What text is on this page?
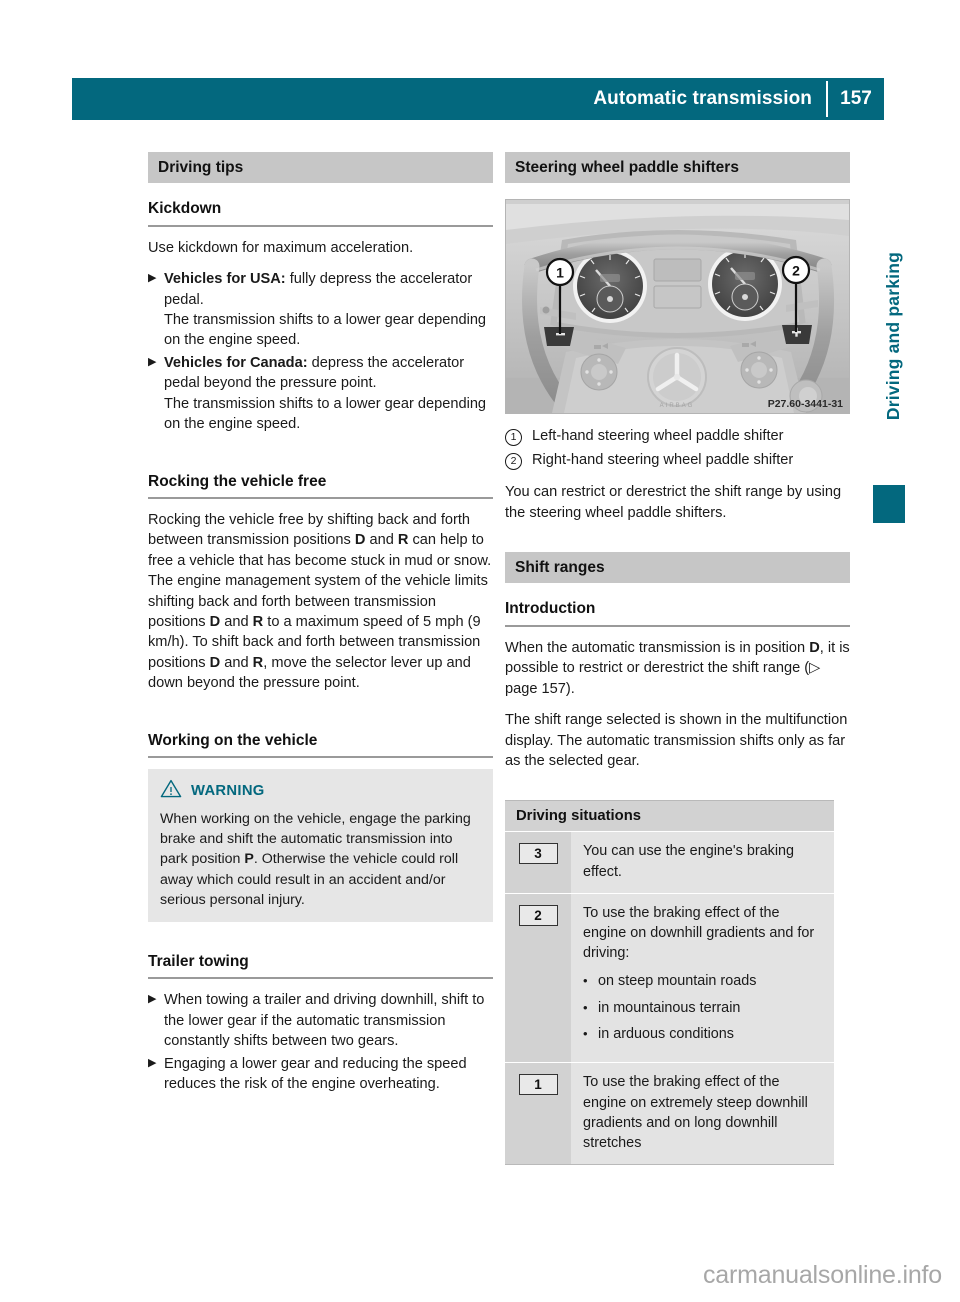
Automatic transmission	157
Driving tips
Kickdown

Use kickdown for maximum acceleration.

▶ Vehicles for USA: fully depress the accelerator pedal.
The transmission shifts to a lower gear depending on the engine speed.
▶ Vehicles for Canada: depress the accelerator pedal beyond the pressure point.
The transmission shifts to a lower gear depending on the engine speed.
Rocking the vehicle free

Rocking the vehicle free by shifting back and forth between transmission positions D and R can help to free a vehicle that has become stuck in mud or snow. The engine management system of the vehicle limits shifting back and forth between transmission positions D and R to a maximum speed of 5 mph (9 km/h). To shift back and forth between transmission positions D and R, move the selector lever up and down beyond the pressure point.

Working on the vehicle
WARNING
When working on the vehicle, engage the parking brake and shift the automatic transmission into park position P. Otherwise the vehicle could roll away which could result in an accident and/or serious personal injury.
Trailer towing
▶ When towing a trailer and driving downhill, shift to the lower gear if the automatic transmission constantly shifts between two gears.
▶ Engaging a lower gear and reducing the speed reduces the risk of the engine overheating.
Steering wheel paddle shifters
AIRBAG
1	2
P27.60-3441-31
1	Left-hand steering wheel paddle shifter
2	Right-hand steering wheel paddle shifter

You can restrict or derestrict the shift range by using the steering wheel paddle shifters.

Shift ranges
Introduction

When the automatic transmission is in position D, it is possible to restrict or derestrict the shift range (▷ page 157).

The shift range selected is shown in the multifunction display. The automatic transmission shifts only as far as the selected gear.

Driving situations
3	You can use the engine's braking effect.
2	To use the braking effect of the engine on downhill gradients and for driving:
• on steep mountain roads
• in mountainous terrain
• in arduous conditions
1	To use the braking effect of the engine on extremely steep downhill gradients and on long downhill stretches
Driving and parking
carmanualsonline.info
